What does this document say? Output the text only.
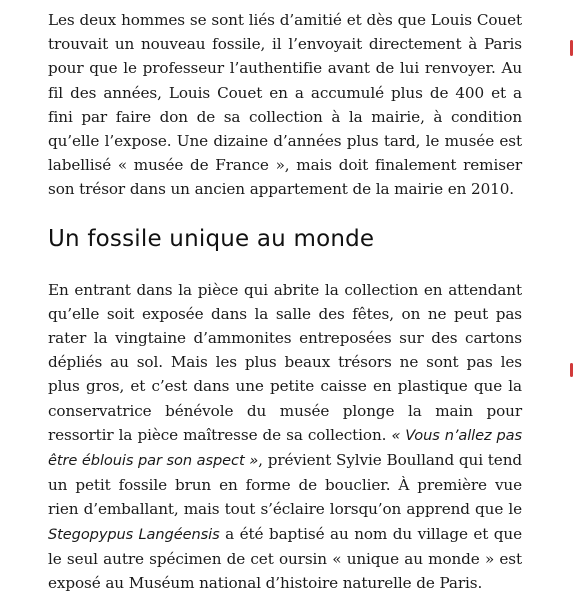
Les deux hommes se sont liés d’amitié et dès que Louis Couet trouvait un nouveau fossile, il l’envoyait directement à Paris pour que le professeur l’authentifie avant de lui renvoyer. Au fil des années, Louis Couet en a accumulé plus de 400 et a fini par faire don de sa collection à la mairie, à condition qu’elle l’expose. Une dizaine d’années plus tard, le musée est labellisé « musée de France », mais doit finalement remiser son trésor dans un ancien appartement de la mairie en 2010.

Un fossile unique au monde

En entrant dans la pièce qui abrite la collection en attendant qu’elle soit exposée dans la salle des fêtes, on ne peut pas rater la vingtaine d’ammonites entreposées sur des cartons dépliés au sol. Mais les plus beaux trésors ne sont pas les plus gros, et c’est dans une petite caisse en plastique que la conservatrice bénévole du musée plonge la main pour ressortir la pièce maîtresse de sa collection. « Vous n’allez pas être éblouis par son aspect », prévient Sylvie Boulland qui tend un petit fossile brun en forme de bouclier. À première vue rien d’emballant, mais tout s’éclaire lorsqu’on apprend que le Stegopypus Langéensis a été baptisé au nom du village et que le seul autre spécimen de cet oursin « unique au monde » est exposé au Muséum national d’histoire naturelle de Paris.
